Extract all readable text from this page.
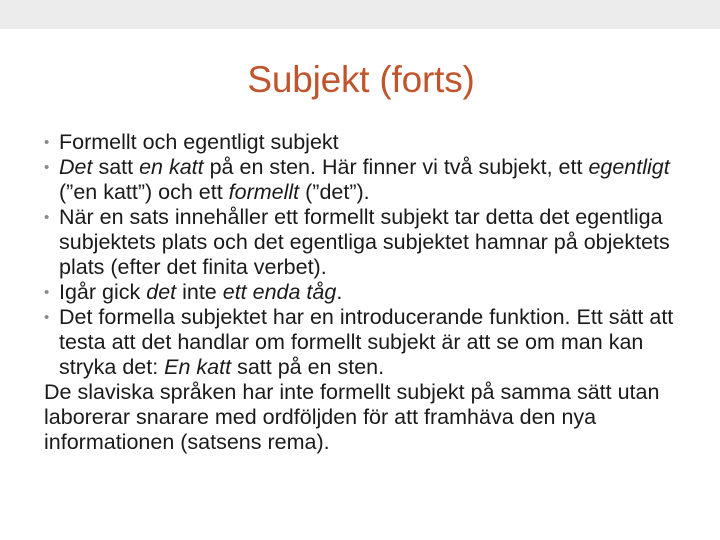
Subjekt (forts)
• Formellt och egentligt subjekt
• Det satt en katt på en sten. Här finner vi två subjekt, ett egentligt (”en katt”) och ett formellt (”det”).
• När en sats innehåller ett formellt subjekt tar detta det egentliga subjektets plats och det egentliga subjektet hamnar på objektets plats (efter det finita verbet).
• Igår gick det inte ett enda tåg.
• Det formella subjektet har en introducerande funktion. Ett sätt att testa att det handlar om formellt subjekt är att se om man kan stryka det: En katt satt på en sten.
De slaviska språken har inte formellt subjekt på samma sätt utan laborerar snarare med ordföljden för att framhäva den nya informationen (satsens rema).
